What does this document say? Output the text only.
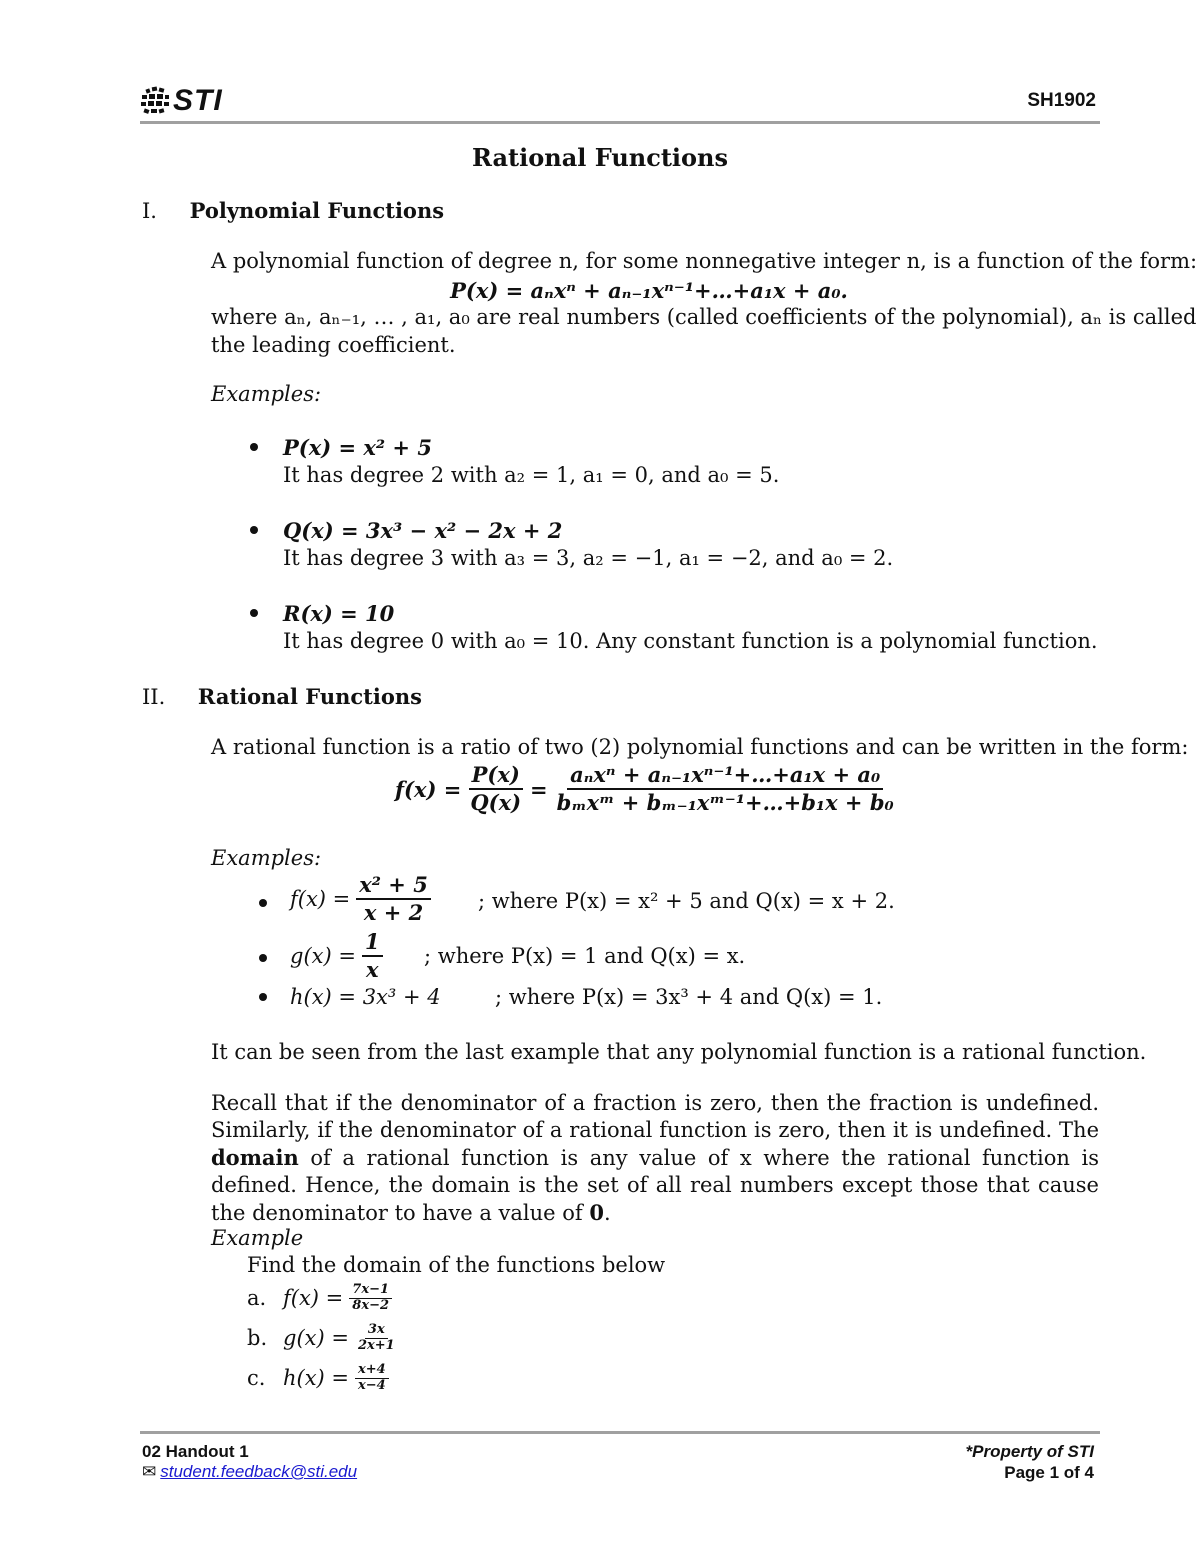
STI	SH1902
Rational Functions
I. Polynomial Functions
A polynomial function of degree n, for some nonnegative integer n, is a function of the form:
P(x) = aₙxⁿ + aₙ₋₁xⁿ⁻¹+…+a₁x + a₀.
where aₙ, aₙ₋₁, … , a₁, a₀ are real numbers (called coefficients of the polynomial), aₙ is called
the leading coefficient.
Examples:
P(x) = x² + 5
It has degree 2 with a₂ = 1, a₁ = 0, and a₀ = 5.
Q(x) = 3x³ − x² − 2x + 2
It has degree 3 with a₃ = 3, a₂ = −1, a₁ = −2, and a₀ = 2.
R(x) = 10
It has degree 0 with a₀ = 10. Any constant function is a polynomial function.
II. Rational Functions
A rational function is a ratio of two (2) polynomial functions and can be written in the form:
$f(x) = \frac{P(x)}{Q(x)} = \frac{\text{aₙxⁿ + aₙ₋₁xⁿ⁻¹+…+a₁x + a₀}}{\text{bₘxᵐ + bₘ₋₁xᵐ⁻¹+…+b₁x + b₀}}$
Examples:
$f(x) = \frac{\text{x² + 5}}{x + 2}$ ; where P(x) = x² + 5 and Q(x) = x + 2.
$g(x) = \frac{1}{x}$ ; where P(x) = 1 and Q(x) = x.
h(x) = 3x³ + 4	; where P(x) = 3x³ + 4 and Q(x) = 1.
It can be seen from the last example that any polynomial function is a rational function.
Recall that if the denominator of a fraction is zero, then the fraction is undefined. Similarly, if the denominator of a rational function is zero, then it is undefined. The domain of a rational function is any value of x where the rational function is defined. Hence, the domain is the set of all real numbers except those that cause the denominator to have a value of 0.
Example
Find the domain of the functions below
a. $f(x) = \frac{7x-1}{8x-2}$
b. $g(x) = \frac{3x}{2x+1}$
c. $h(x) = \frac{x+4}{x-4}$
02 Handout 1
✉ student.feedback@sti.edu
*Property of STI
Page 1 of 4
